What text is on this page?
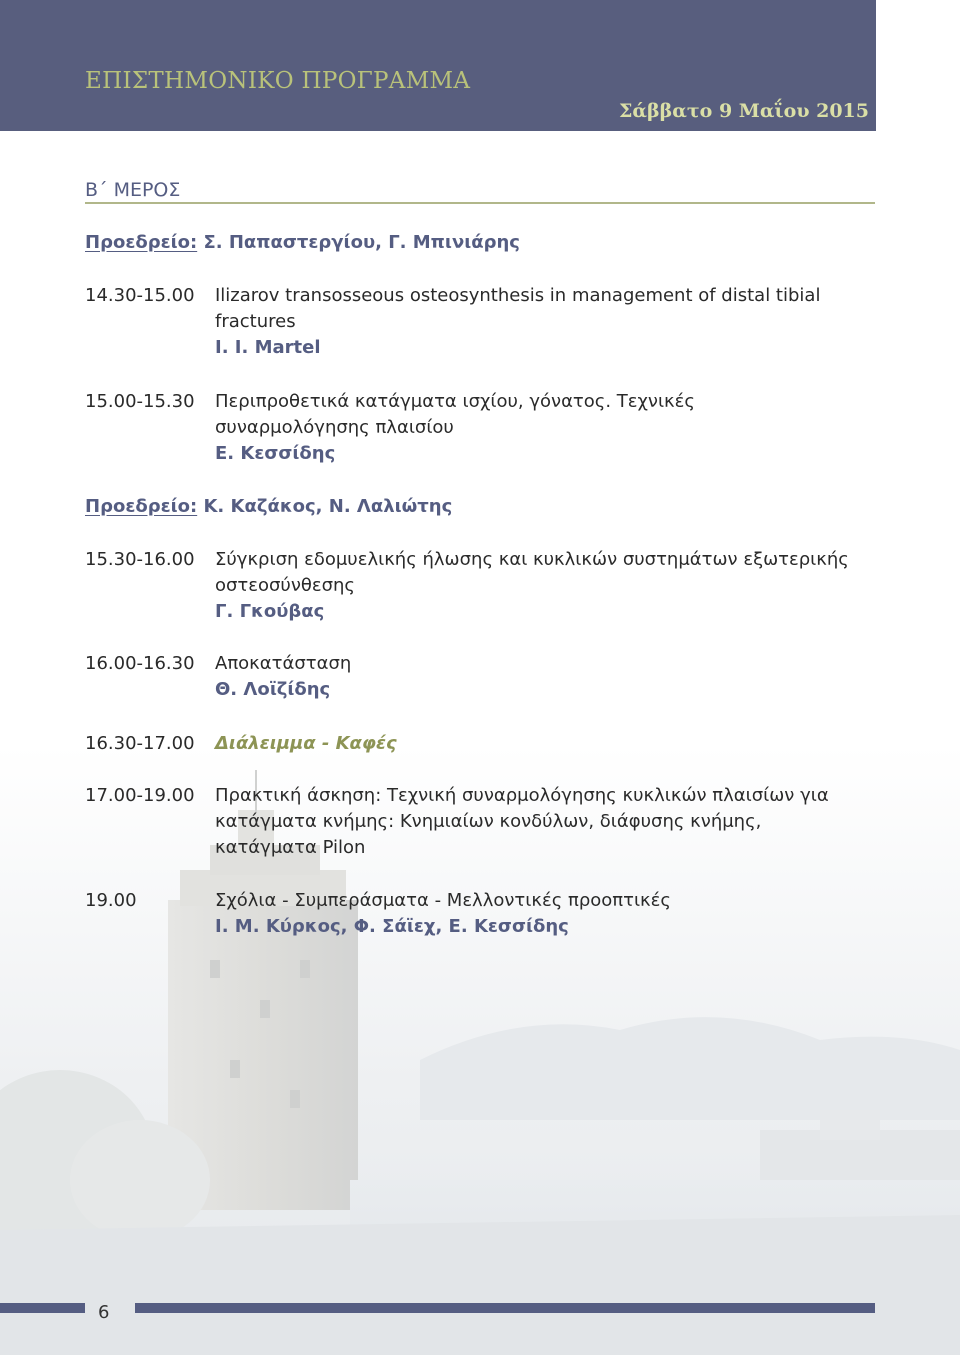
ΕΠΙΣΤΗΜΟΝΙΚΟ ΠΡΟΓΡΑΜΜΑ
Σάββατο 9 Μαΐου 2015
Β΄ ΜΕΡΟΣ
Προεδρείο: Σ. Παπαστεργίου, Γ. Μπινιάρης
14.30-15.00	Ilizarov transosseous osteosynthesis in management of distal tibial fractures
I. I. Martel
15.00-15.30	Περιπροθετικά κατάγματα ισχίου, γόνατος. Τεχνικές συναρμολόγησης πλαισίου
Ε. Κεσσίδης
Προεδρείο: Κ. Καζάκος, Ν. Λαλιώτης
15.30-16.00	Σύγκριση εδομυελικής ήλωσης και κυκλικών συστημάτων εξωτερικής οστεοσύνθεσης
Γ. Γκούβας
16.00-16.30	Αποκατάσταση
Θ. Λοϊζίδης
16.30-17.00	Διάλειμμα - Καφές
17.00-19.00	Πρακτική άσκηση: Τεχνική συναρμολόγησης κυκλικών πλαισίων για κατάγματα κνήμης: Κνημιαίων κονδύλων, διάφυσης κνήμης, κατάγματα Pilon
19.00	Σχόλια - Συμπεράσματα - Μελλοντικές προοπτικές
Ι. Μ. Κύρκος, Φ. Σάϊεχ, Ε. Κεσσίδης
6
